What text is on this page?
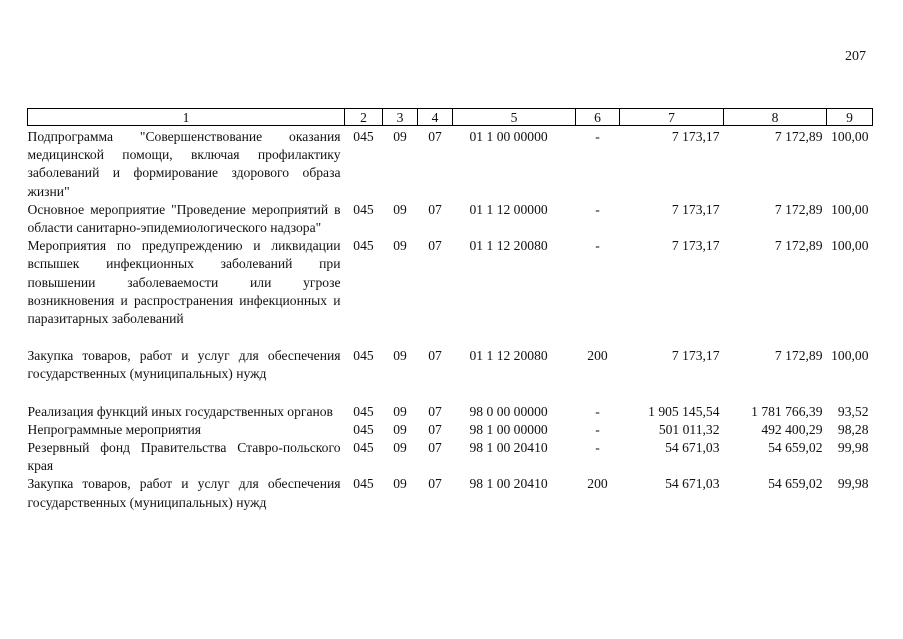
207
1	2	3	4	5	6	7	8	9
Подпрограмма "Совершенствование оказания медицинской помощи, включая профилактику заболеваний и формирование здорового образа жизни"	045	09	07	01 1 00 00000	-	7 173,17	7 172,89	100,00
Основное мероприятие "Проведение мероприятий в области санитарно-эпидемиологического надзора"	045	09	07	01 1 12 00000	-	7 173,17	7 172,89	100,00
Мероприятия по предупреждению и ликвидации вспышек инфекционных заболеваний при повышении заболеваемости или угрозе возникновения и распространения инфекционных и паразитарных заболеваний	045	09	07	01 1 12 20080	-	7 173,17	7 172,89	100,00
Закупка товаров, работ и услуг для обеспечения государственных (муниципальных) нужд	045	09	07	01 1 12 20080	200	7 173,17	7 172,89	100,00
Реализация функций иных государственных органов	045	09	07	98 0 00 00000	-	1 905 145,54	1 781 766,39	93,52
Непрограммные мероприятия	045	09	07	98 1 00 00000	-	501 011,32	492 400,29	98,28
Резервный фонд Правительства Ставро-польского края	045	09	07	98 1 00 20410	-	54 671,03	54 659,02	99,98
Закупка товаров, работ и услуг для обеспечения государственных (муниципальных) нужд	045	09	07	98 1 00 20410	200	54 671,03	54 659,02	99,98
